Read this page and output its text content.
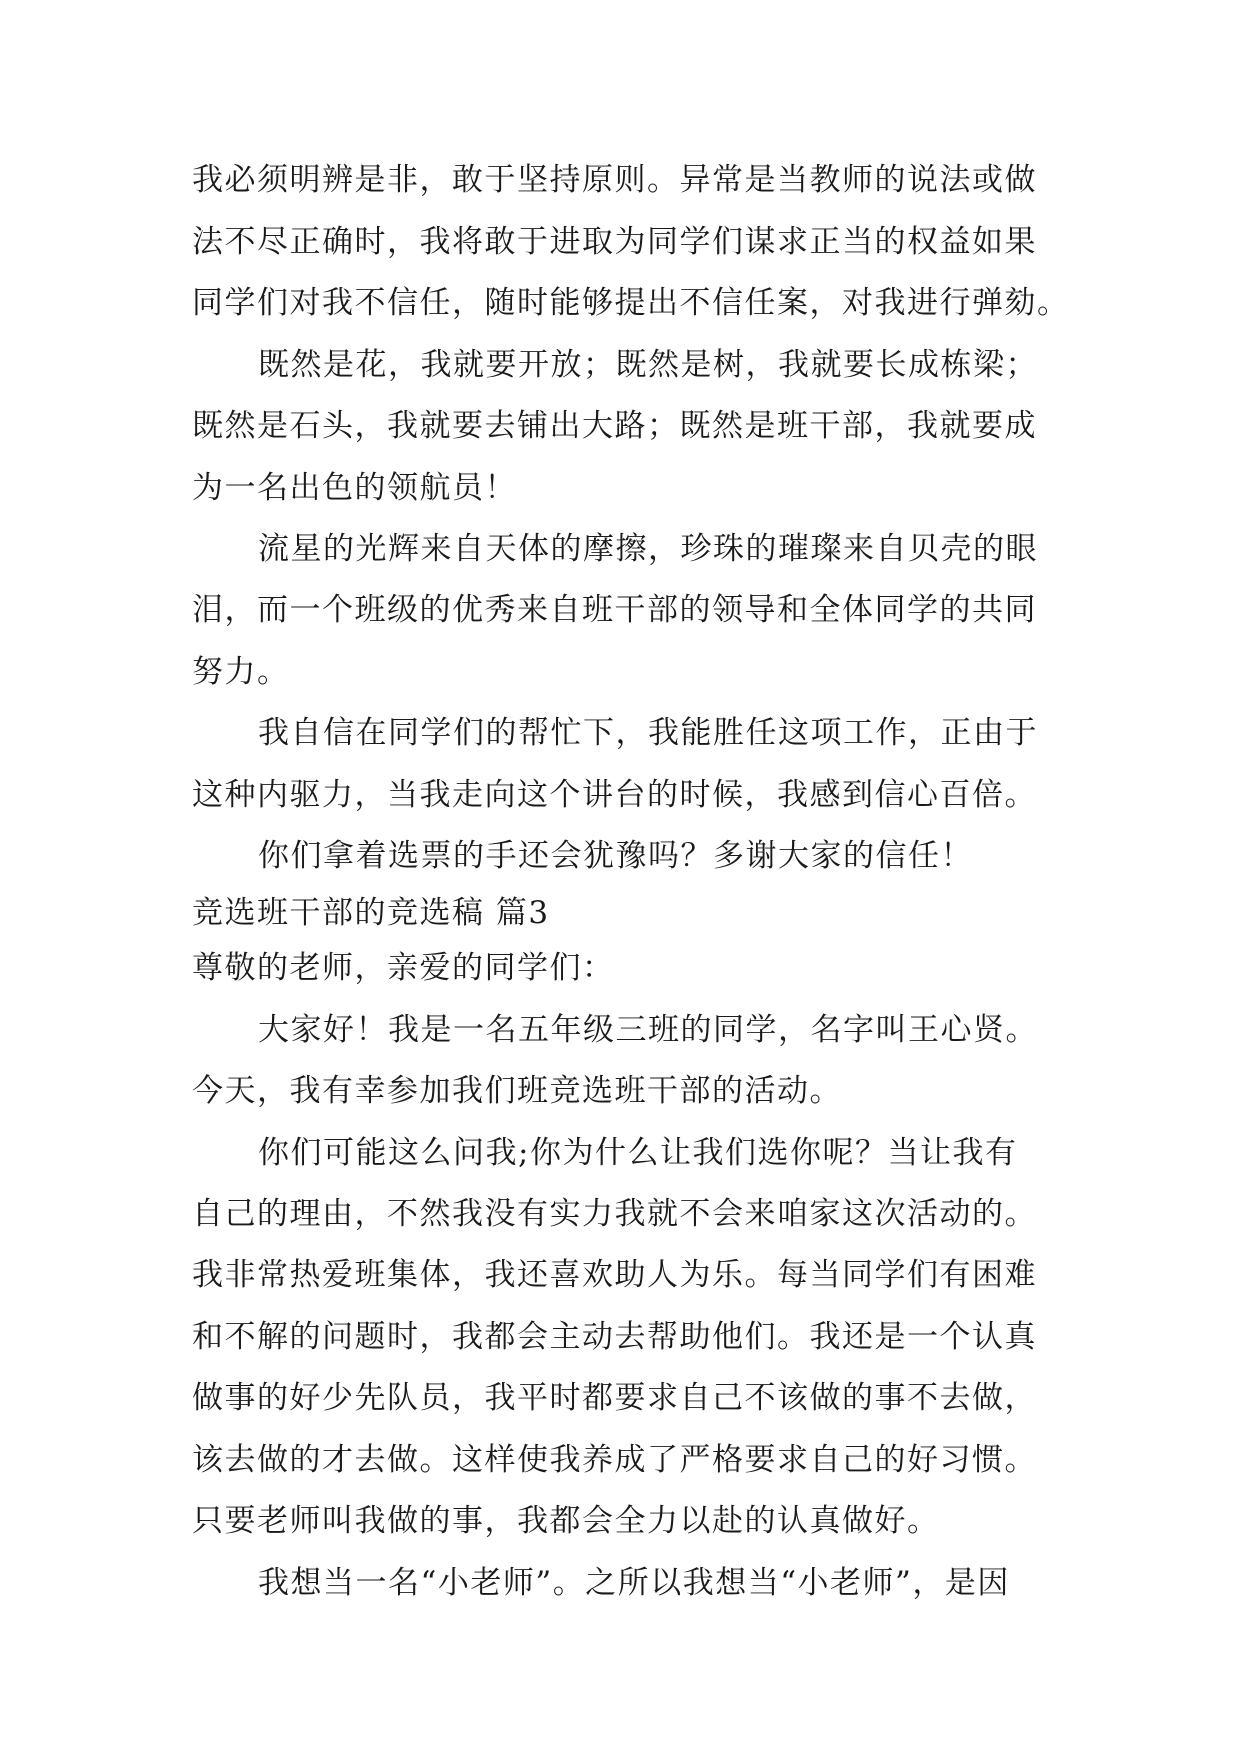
我必须明辨是非，敢于坚持原则。异常是当教师的说法或做
法不尽正确时，我将敢于进取为同学们谋求正当的权益如果
同学们对我不信任，随时能够提出不信任案，对我进行弹劾。
既然是花，我就要开放；既然是树，我就要长成栋梁；
既然是石头，我就要去铺出大路；既然是班干部，我就要成
为一名出色的领航员！
流星的光辉来自天体的摩擦，珍珠的璀璨来自贝壳的眼
泪，而一个班级的优秀来自班干部的领导和全体同学的共同
努力。
我自信在同学们的帮忙下，我能胜任这项工作，正由于
这种内驱力，当我走向这个讲台的时候，我感到信心百倍。
你们拿着选票的手还会犹豫吗？多谢大家的信任！
竞选班干部的竞选稿 篇3
尊敬的老师，亲爱的同学们：
大家好！我是一名五年级三班的同学，名字叫王心贤。
今天，我有幸参加我们班竞选班干部的活动。
你们可能这么问我;你为什么让我们选你呢？当让我有
自己的理由，不然我没有实力我就不会来咱家这次活动的。
我非常热爱班集体，我还喜欢助人为乐。每当同学们有困难
和不解的问题时，我都会主动去帮助他们。我还是一个认真
做事的好少先队员，我平时都要求自己不该做的事不去做，
该去做的才去做。这样使我养成了严格要求自己的好习惯。
只要老师叫我做的事，我都会全力以赴的认真做好。
我想当一名“小老师”。之所以我想当“小老师”，是因
